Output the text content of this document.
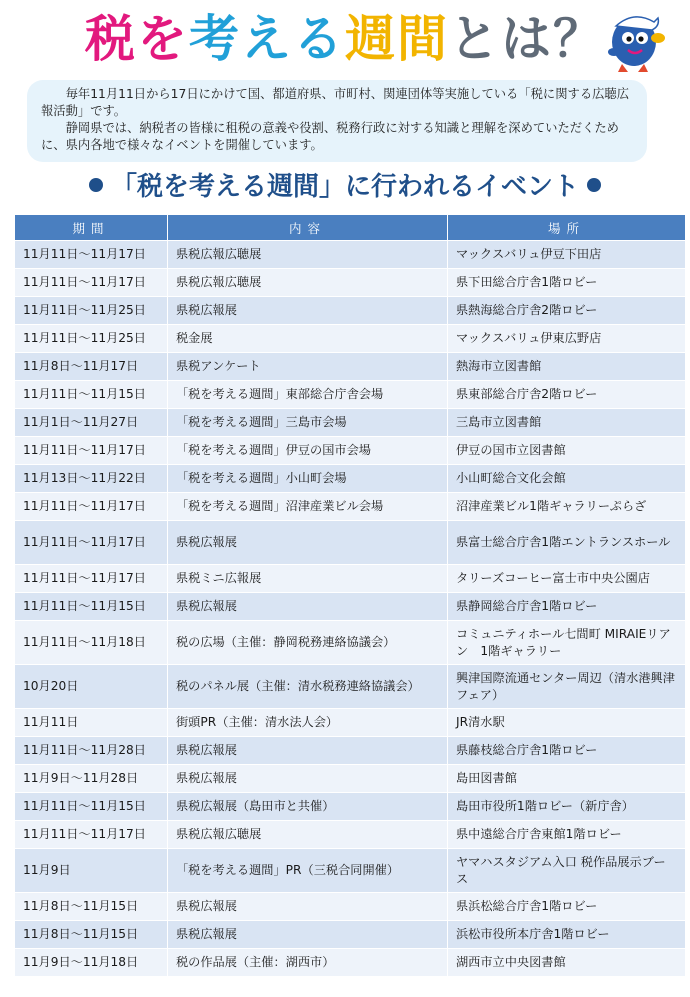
税を考える週間とは？

毎年11月11日から17日にかけて国、都道府県、市町村、関連団体等実施している「税に関する広聴広報活動」です。

静岡県では、納税者の皆様に租税の意義や役割、税務行政に対する知識と理解を深めていただくために、県内各地で様々なイベントを開催しています。

「税を考える週間」に行われるイベント
期間	内容	場所
11月11日～11月17日	県税広報広聴展	マックスバリュ伊豆下田店
11月11日～11月17日	県税広報広聴展	県下田総合庁舎1階ロビー
11月11日～11月25日	県税広報展	県熱海総合庁舎2階ロビー
11月11日～11月25日	税金展	マックスバリュ伊東広野店
11月8日～11月17日	県税アンケート	熱海市立図書館
11月11日～11月15日	「税を考える週間」東部総合庁舎会場	県東部総合庁舎2階ロビー
11月1日～11月27日	「税を考える週間」三島市会場	三島市立図書館
11月11日～11月17日	「税を考える週間」伊豆の国市会場	伊豆の国市立図書館
11月13日～11月22日	「税を考える週間」小山町会場	小山町総合文化会館
11月11日～11月17日	「税を考える週間」沼津産業ビル会場	沼津産業ビル1階ギャラリーぷらざ
11月11日～11月17日	県税広報展	県富士総合庁舎1階エントランスホール
11月11日～11月17日	県税ミニ広報展	タリーズコーヒー富士市中央公園店
11月11日～11月15日	県税広報展	県静岡総合庁舎1階ロビー
11月11日～11月18日	税の広場（主催：静岡税務連絡協議会）	コミュニティホール七間町 MIRAIEリアン　1階ギャラリー
10月20日	税のパネル展（主催：清水税務連絡協議会）	興津国際流通センター周辺（清水港興津フェア）
11月11日	街頭PR（主催：清水法人会）	JR清水駅
11月11日～11月28日	県税広報展	県藤枝総合庁舎1階ロビー
11月9日～11月28日	県税広報展	島田図書館
11月11日～11月15日	県税広報展（島田市と共催）	島田市役所1階ロビー（新庁舎）
11月11日～11月17日	県税広報広聴展	県中遠総合庁舎東館1階ロビー
11月9日	「税を考える週間」PR（三税合同開催）	ヤマハスタジアム入口 税作品展示ブース
11月8日～11月15日	県税広報展	県浜松総合庁舎1階ロビー
11月8日～11月15日	県税広報展	浜松市役所本庁舎1階ロビー
11月9日～11月18日	税の作品展（主催：湖西市）	湖西市立中央図書館
